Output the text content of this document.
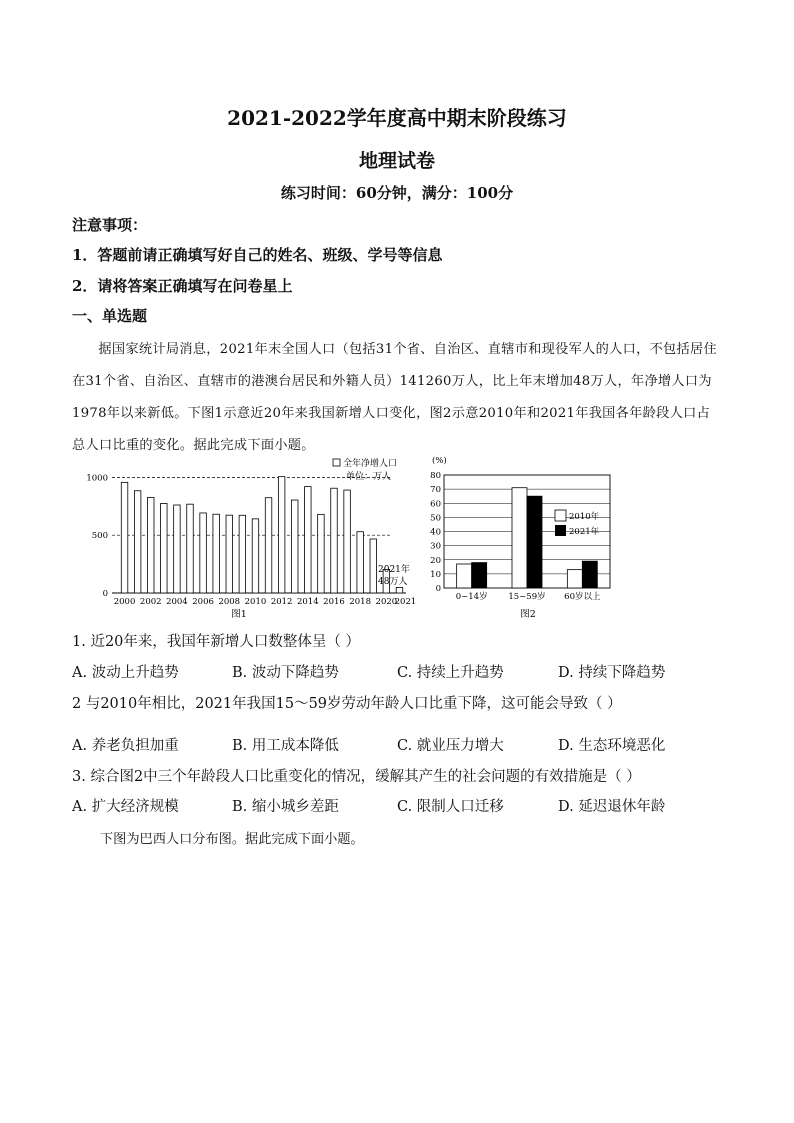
2021-2022学年度高中期末阶段练习
地理试卷
练习时间：60分钟，满分：100分
注意事项：
1．答题前请正确填写好自己的姓名、班级、学号等信息
2．请将答案正确填写在问卷星上
一、单选题
据国家统计局消息，2021年末全国人口（包括31个省、自治区、直辖市和现役军人的人口，不包括居住在31个省、自治区、直辖市的港澳台居民和外籍人员）141260万人，比上年末增加48万人，年净增人口为1978年以来新低。下图1示意近20年来我国新增人口变化，图2示意2010年和2021年我国各年龄段人口占总人口比重的变化。据此完成下面小题。
全年净增人口
单位：万人
0
500
1000
2000 2002 2004 2006 2008 2010 2012 2014 2016 2018 2020
2021
2021年
48万人
图1
(%)
0
10
20
30
40
50
60
70
80
0~14岁 15~59岁 60岁以上
2010年
2021年
图2
1. 近20年来，我国年新增人口数整体呈（ ）
A. 波动上升趋势	B. 波动下降趋势	C. 持续上升趋势	D. 持续下降趋势
2 与2010年相比，2021年我国15～59岁劳动年龄人口比重下降，这可能会导致（ ）
A. 养老负担加重	B. 用工成本降低	C. 就业压力增大	D. 生态环境恶化
3. 综合图2中三个年龄段人口比重变化的情况，缓解其产生的社会问题的有效措施是（ ）
A. 扩大经济规模	B. 缩小城乡差距	C. 限制人口迁移	D. 延迟退休年龄
下图为巴西人口分布图。据此完成下面小题。
